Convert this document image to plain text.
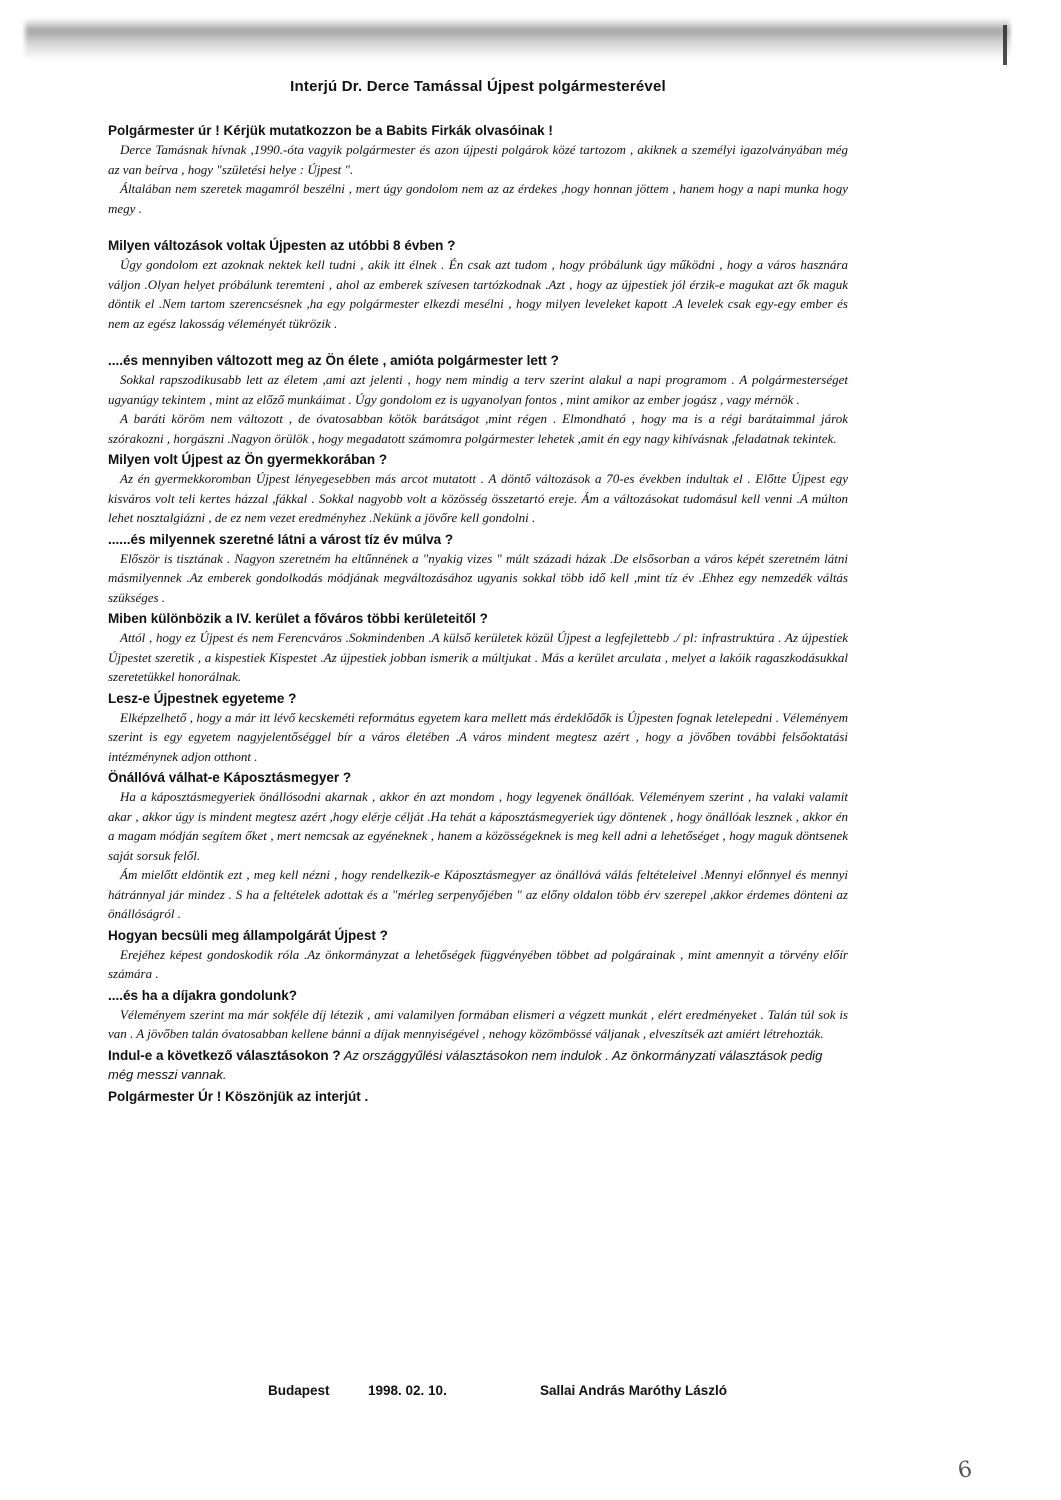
Interjú Dr. Derce Tamással Újpest polgármesterével
Polgármester úr ! Kérjük mutatkozzon be a Babits Firkák olvasóinak !

Derce Tamásnak hívnak ,1990.-óta vagyik polgármester és azon újpesti polgárok közé tartozom , akiknek a személyi igazolványában még az van beírva , hogy "születési helye : Újpest ".

Általában nem szeretek magamról beszélni , mert úgy gondolom nem az az érdekes ,hogy honnan jöttem , hanem hogy a napi munka hogy megy .

Milyen változások voltak Újpesten az utóbbi 8 évben ?

Úgy gondolom ezt azoknak nektek kell tudni , akik itt élnek . Én csak azt tudom , hogy próbálunk úgy működni , hogy a város hasznára váljon .Olyan helyet próbálunk teremteni , ahol az emberek szívesen tartózkodnak .Azt , hogy az újpestiek jól érzik-e magukat azt ők maguk döntik el .Nem tartom szerencsésnek ,ha egy polgármester elkezdi mesélni , hogy milyen leveleket kapott .A levelek csak egy-egy ember és nem az egész lakosság véleményét tükrözik .

....és mennyiben változott meg az Ön élete , amióta polgármester lett ?

Sokkal rapszodikusabb lett az életem ,ami azt jelenti , hogy nem mindig a terv szerint alakul a napi programom . A polgármesterséget ugyanúgy tekintem , mint az előző munkáimat . Úgy gondolom ez is ugyanolyan fontos , mint amikor az ember jogász , vagy mérnök .

A baráti köröm nem változott , de óvatosabban kötök barátságot ,mint régen . Elmondható , hogy ma is a régi barátaimmal járok szórakozni , horgászni .Nagyon örülök , hogy megadatott számomra polgármester lehetek ,amit én egy nagy kihívásnak ,feladatnak tekintek.

Milyen volt Újpest az Ön gyermekkorában ?

Az én gyermekkoromban Újpest lényegesebben más arcot mutatott . A döntő változások a 70-es években indultak el . Előtte Újpest egy kisváros volt teli kertes házzal ,fákkal . Sokkal nagyobb volt a közösség összetartó ereje. Ám a változásokat tudomásul kell venni .A múlton lehet nosztalgiázni , de ez nem vezet eredményhez .Nekünk a jövőre kell gondolni .

......és milyennek szeretné látni a várost tíz év múlva ?

Először is tisztának . Nagyon szeretném ha eltűnnének a "nyakig vizes " múlt századi házak .De elsősorban a város képét szeretném látni másmilyennek .Az emberek gondolkodás módjának megváltozásához ugyanis sokkal több idő kell ,mint tíz év .Ehhez egy nemzedék váltás szükséges .

Miben különbözik a IV. kerület a főváros többi kerületeitől ?

Attól , hogy ez Újpest és nem Ferencváros .Sokmindenben .A külső kerületek közül Újpest a legfejlettebb ./ pl: infrastruktúra . Az újpestiek Újpestet szeretik , a kispestiek Kispestet .Az újpestiek jobban ismerik a múltjukat . Más a kerület arculata , melyet a lakóik ragaszkodásukkal szeretetükkel honorálnak.

Lesz-e Újpestnek egyeteme ?

Elképzelhető , hogy a már itt lévő kecskeméti református egyetem kara mellett más érdeklődők is Újpesten fognak letelepedni . Véleményem szerint is egy egyetem nagyjelentőséggel bír a város életében .A város mindent megtesz azért , hogy a jövőben további felsőoktatási intézménynek adjon otthont .

Önállóvá válhat-e Káposztásmegyer ?

Ha a káposztásmegyeriek önállósodni akarnak , akkor én azt mondom , hogy legyenek önállóak. Véleményem szerint , ha valaki valamit akar , akkor úgy is mindent megtesz azért ,hogy elérje célját .Ha tehát a káposztásmegyeriek úgy döntenek , hogy önállóak lesznek , akkor én a magam módján segítem őket , mert nemcsak az egyéneknek , hanem a közösségeknek is meg kell adni a lehetőséget , hogy maguk döntsenek saját sorsuk felől.

Ám mielőtt eldöntik ezt , meg kell nézni , hogy rendelkezik-e Káposztásmegyer az önállóvá válás feltételeivel .Mennyi előnnyel és mennyi hátránnyal jár mindez . S ha a feltételek adottak és a "mérleg serpenyőjében " az előny oldalon több érv szerepel ,akkor érdemes dönteni az önállóságról .

Hogyan becsüli meg állampolgárát Újpest ?

Erejéhez képest gondoskodik róla .Az önkormányzat a lehetőségek függvényében többet ad polgárainak , mint amennyit a törvény előír számára .

....és ha a díjakra gondolunk?

Véleményem szerint ma már sokféle díj létezik , ami valamilyen formában elismeri a végzett munkát , elért eredményeket . Talán túl sok is van . A jövőben talán óvatosabban kellene bánni a díjak mennyiségével , nehogy közömbössé váljanak , elveszítsék azt amiért létrehozták.

Indul-e a következő választásokon ? Az országgyűlési választásokon nem indulok . Az önkormányzati választások pedig még messzi vannak.
Polgármester Úr ! Köszönjük az interjút .
Budapest	1998. 02. 10.	Sallai András Maróthy László
6
